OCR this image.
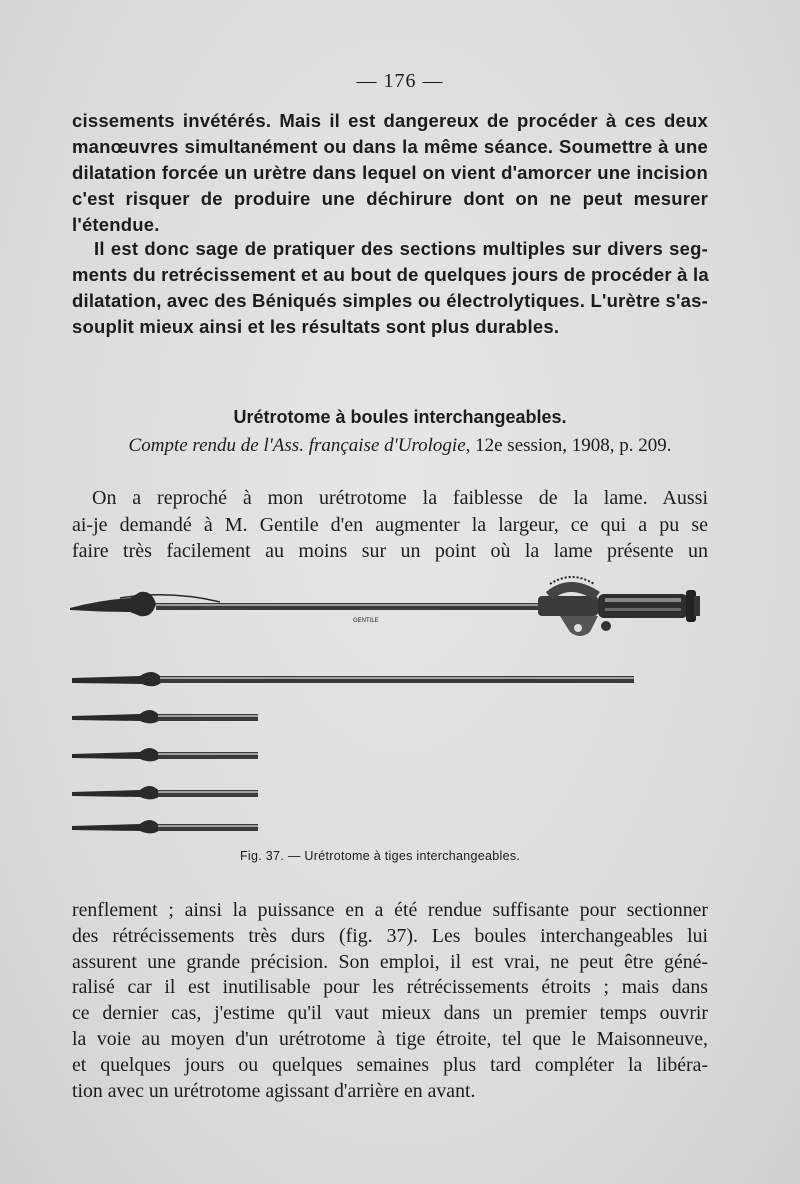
— 176 —
cissements invétérés. Mais il est dangereux de procéder à ces deux
manœuvres simultanément ou dans la même séance. Soumettre à une
dilatation forcée un urètre dans lequel on vient d'amorcer une incision
c'est risquer de produire une déchirure dont on ne peut mesurer
l'étendue.
Il est donc sage de pratiquer des sections multiples sur divers seg-
ments du retrécissement et au bout de quelques jours de procéder à la
dilatation, avec des Béniqués simples ou électrolytiques. L'urètre s'as-
souplit mieux ainsi et les résultats sont plus durables.
Urétrotome à boules interchangeables.
Compte rendu de l'Ass. française d'Urologie, 12e session, 1908, p. 209.
On a reproché à mon urétrotome la faiblesse de la lame. Aussi
ai-je demandé à M. Gentile d'en augmenter la largeur, ce qui a pu se
faire très facilement au moins sur un point où la lame présente un
GENTILE
Fig. 37. — Urétrotome à tiges interchangeables.
renflement ; ainsi la puissance en a été rendue suffisante pour sectionner
des rétrécissements très durs (fig. 37). Les boules interchangeables lui
assurent une grande précision. Son emploi, il est vrai, ne peut être géné-
ralisé car il est inutilisable pour les rétrécissements étroits ; mais dans
ce dernier cas, j'estime qu'il vaut mieux dans un premier temps ouvrir
la voie au moyen d'un urétrotome à tige étroite, tel que le Maisonneuve,
et quelques jours ou quelques semaines plus tard compléter la libéra-
tion avec un urétrotome agissant d'arrière en avant.
